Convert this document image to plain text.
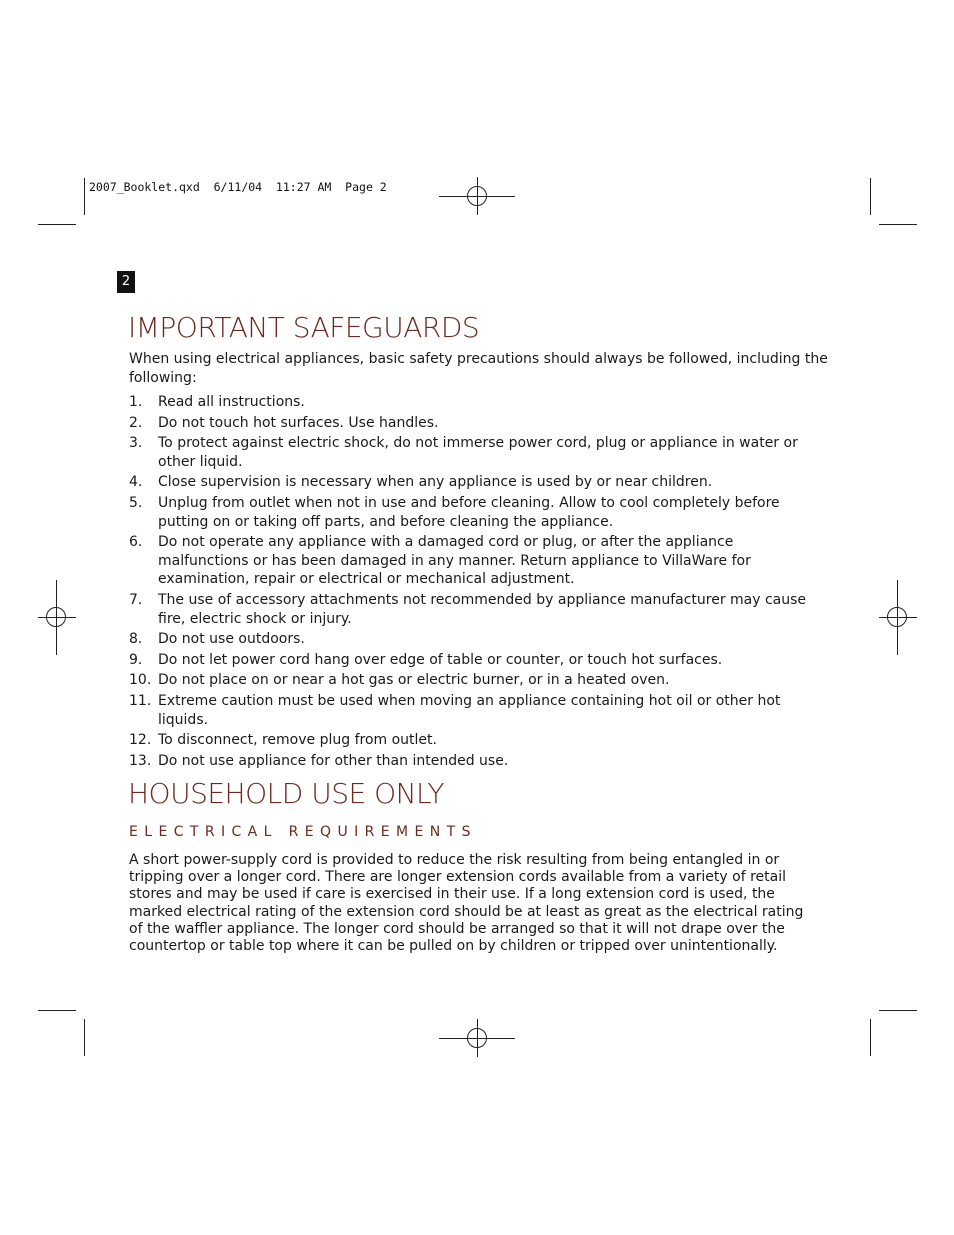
2007_Booklet.qxd  6/11/04  11:27 AM  Page 2
2
IMPORTANT SAFEGUARDS
When using electrical appliances, basic safety precautions should always be followed, including the following:
1. Read all instructions.
2. Do not touch hot surfaces. Use handles.
3. To protect against electric shock, do not immerse power cord, plug or appliance in water or other liquid.
4. Close supervision is necessary when any appliance is used by or near children.
5. Unplug from outlet when not in use and before cleaning. Allow to cool completely before putting on or taking off parts, and before cleaning the appliance.
6. Do not operate any appliance with a damaged cord or plug, or after the appliance malfunctions or has been damaged in any manner. Return appliance to VillaWare for examination, repair or electrical or mechanical adjustment.
7. The use of accessory attachments not recommended by appliance manufacturer may cause fire, electric shock or injury.
8. Do not use outdoors.
9. Do not let power cord hang over edge of table or counter, or touch hot surfaces.
10. Do not place on or near a hot gas or electric burner, or in a heated oven.
11. Extreme caution must be used when moving an appliance containing hot oil or other hot liquids.
12. To disconnect, remove plug from outlet.
13. Do not use appliance for other than intended use.
HOUSEHOLD USE ONLY
ELECTRICAL REQUIREMENTS
A short power-supply cord is provided to reduce the risk resulting from being entangled in or tripping over a longer cord. There are longer extension cords available from a variety of retail stores and may be used if care is exercised in their use. If a long extension cord is used, the marked electrical rating of the extension cord should be at least as great as the electrical rating of the waffler appliance. The longer cord should be arranged so that it will not drape over the countertop or table top where it can be pulled on by children or tripped over unintentionally.
